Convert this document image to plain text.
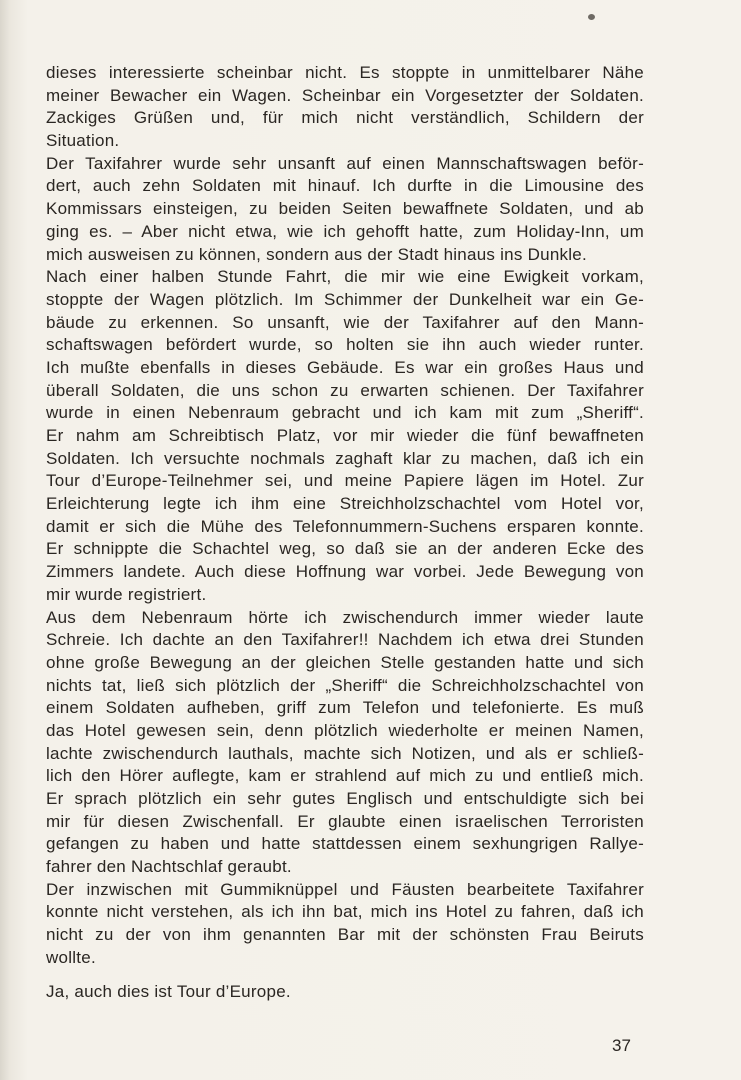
dieses interessierte scheinbar nicht. Es stoppte in unmittelbarer Nähe
meiner Bewacher ein Wagen. Scheinbar ein Vorgesetzter der Soldaten.
Zackiges Grüßen und, für mich nicht verständlich, Schildern der
Situation.
Der Taxifahrer wurde sehr unsanft auf einen Mannschaftswagen beför-
dert, auch zehn Soldaten mit hinauf. Ich durfte in die Limousine des
Kommissars einsteigen, zu beiden Seiten bewaffnete Soldaten, und ab
ging es. – Aber nicht etwa, wie ich gehofft hatte, zum Holiday-Inn, um
mich ausweisen zu können, sondern aus der Stadt hinaus ins Dunkle.
Nach einer halben Stunde Fahrt, die mir wie eine Ewigkeit vorkam,
stoppte der Wagen plötzlich. Im Schimmer der Dunkelheit war ein Ge-
bäude zu erkennen. So unsanft, wie der Taxifahrer auf den Mann-
schaftswagen befördert wurde, so holten sie ihn auch wieder runter.
Ich mußte ebenfalls in dieses Gebäude. Es war ein großes Haus und
überall Soldaten, die uns schon zu erwarten schienen. Der Taxifahrer
wurde in einen Nebenraum gebracht und ich kam mit zum „Sheriff“.
Er nahm am Schreibtisch Platz, vor mir wieder die fünf bewaffneten
Soldaten. Ich versuchte nochmals zaghaft klar zu machen, daß ich ein
Tour d’Europe-Teilnehmer sei, und meine Papiere lägen im Hotel. Zur
Erleichterung legte ich ihm eine Streichholzschachtel vom Hotel vor,
damit er sich die Mühe des Telefonnummern-Suchens ersparen konnte.
Er schnippte die Schachtel weg, so daß sie an der anderen Ecke des
Zimmers landete. Auch diese Hoffnung war vorbei. Jede Bewegung von
mir wurde registriert.
Aus dem Nebenraum hörte ich zwischendurch immer wieder laute
Schreie. Ich dachte an den Taxifahrer!! Nachdem ich etwa drei Stunden
ohne große Bewegung an der gleichen Stelle gestanden hatte und sich
nichts tat, ließ sich plötzlich der „Sheriff“ die Schreichholzschachtel von
einem Soldaten aufheben, griff zum Telefon und telefonierte. Es muß
das Hotel gewesen sein, denn plötzlich wiederholte er meinen Namen,
lachte zwischendurch lauthals, machte sich Notizen, und als er schließ-
lich den Hörer auflegte, kam er strahlend auf mich zu und entließ mich.
Er sprach plötzlich ein sehr gutes Englisch und entschuldigte sich bei
mir für diesen Zwischenfall. Er glaubte einen israelischen Terroristen
gefangen zu haben und hatte stattdessen einem sexhungrigen Rallye-
fahrer den Nachtschlaf geraubt.
Der inzwischen mit Gummiknüppel und Fäusten bearbeitete Taxifahrer
konnte nicht verstehen, als ich ihn bat, mich ins Hotel zu fahren, daß ich
nicht zu der von ihm genannten Bar mit der schönsten Frau Beiruts
wollte.
Ja, auch dies ist Tour d’Europe.
37
